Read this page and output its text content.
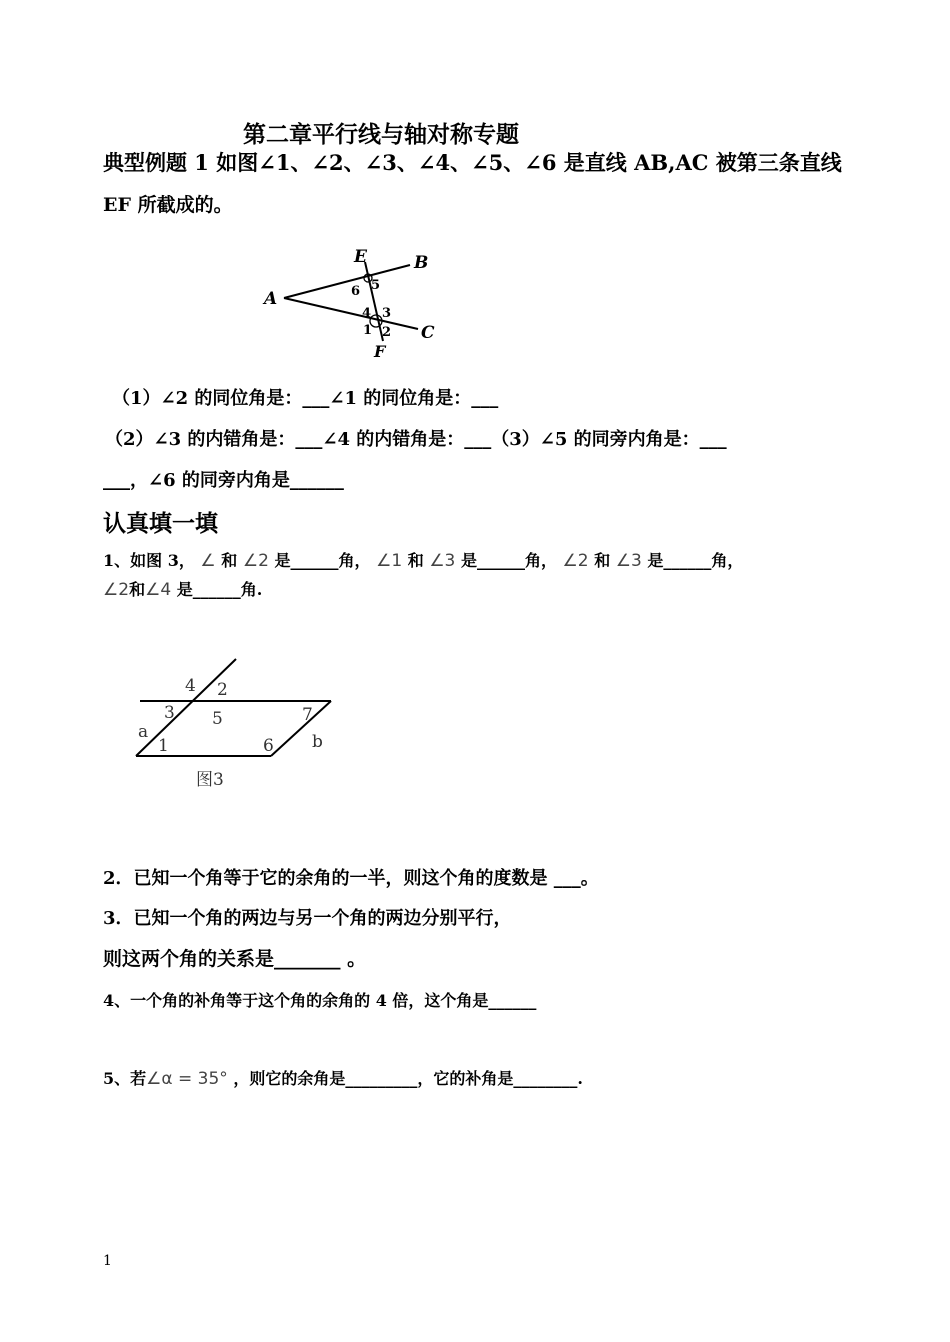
第二章平行线与轴对称专题
典型例题 1 如图∠1、∠2、∠3、∠4、∠5、∠6 是直线 AB,AC 被第三条直线
EF 所截成的。
E	B
A
C
F
6 5
4 3
1 2
（1）∠2 的同位角是：___∠1 的同位角是：___
（2）∠3 的内错角是：___∠4 的内错角是：___（3）∠5 的同旁内角是：___
___，∠6 的同旁内角是______
认真填一填
1、如图 3， ∠ 和 ∠2 是______角， ∠1 和 ∠3 是______角， ∠2 和 ∠3 是______角，
∠2和∠4 是______角.
4 2
3 5	7
a
1	6 b
图3
2．已知一个角等于它的余角的一半，则这个角的度数是 ___。
3．已知一个角的两边与另一个角的两边分别平行，
则这两个角的关系是_______ 。
4、一个角的补角等于这个角的余角的 4 倍，这个角是______
5、若∠α = 35° ，则它的余角是_________，它的补角是________.
1
